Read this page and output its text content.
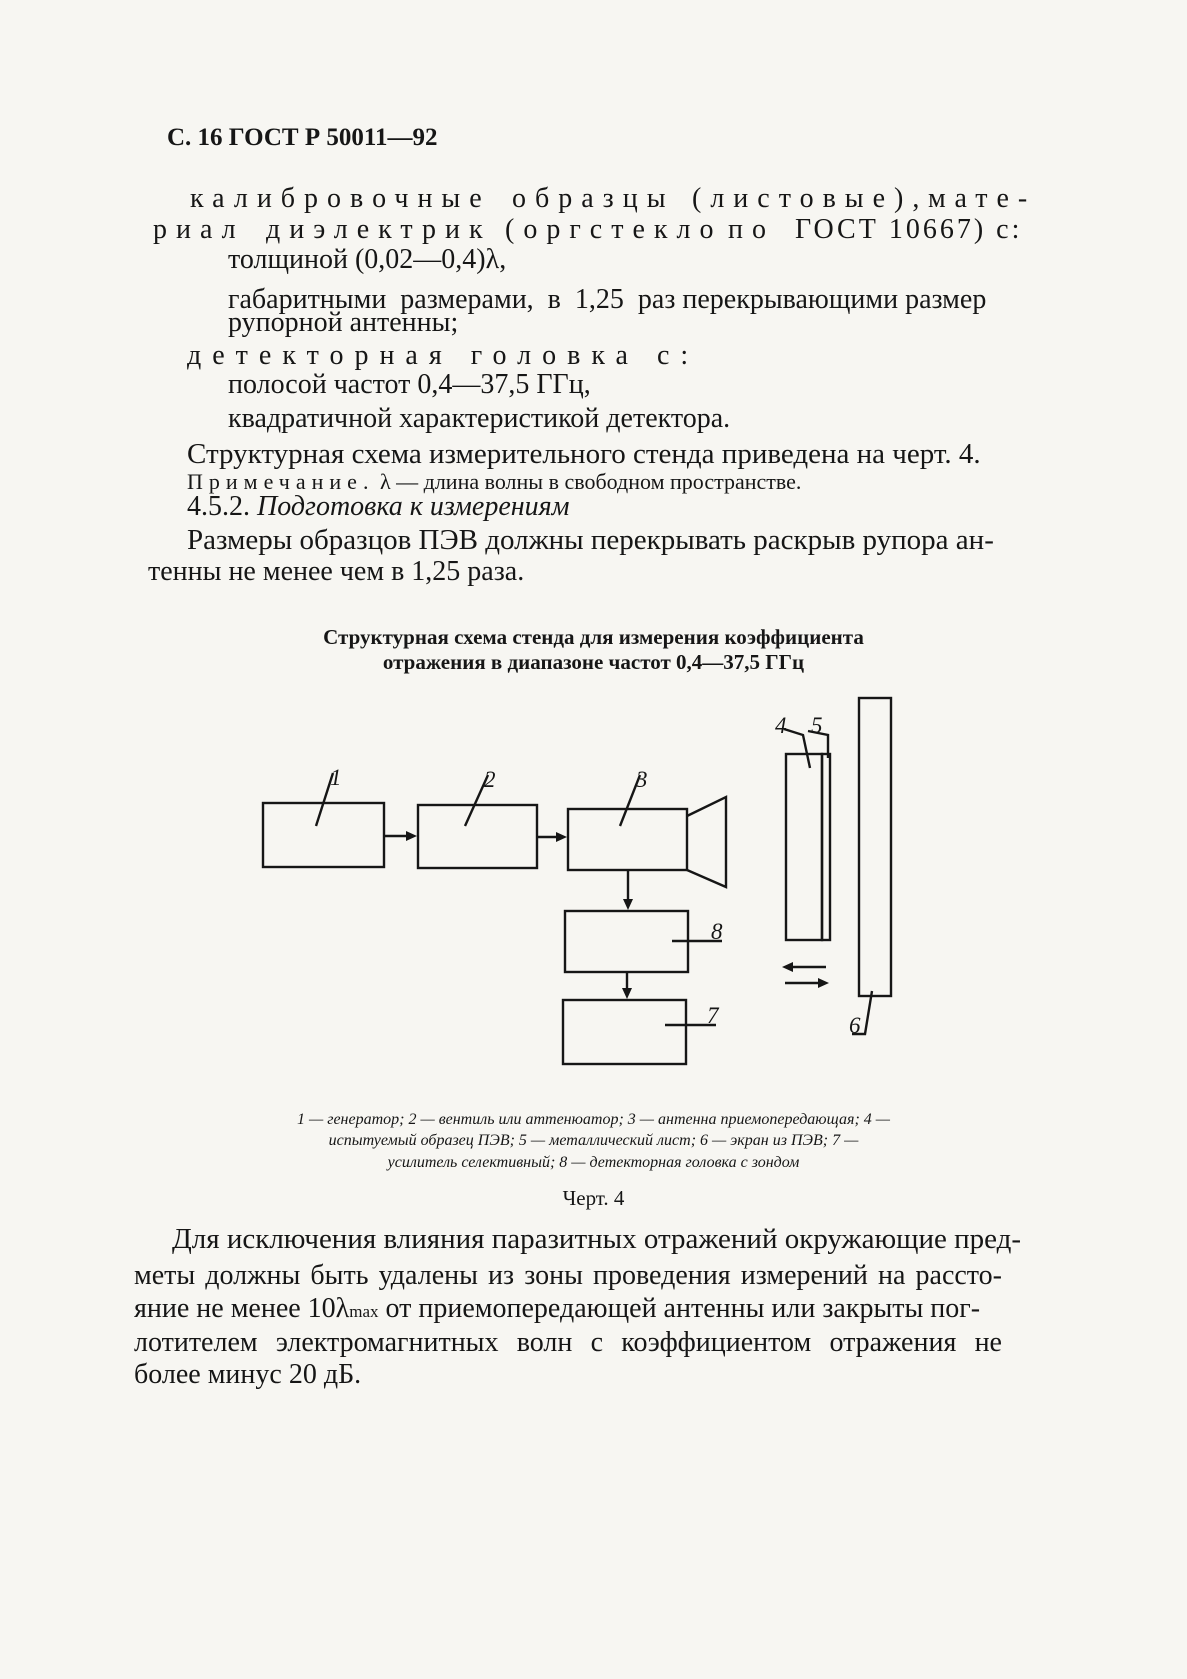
С. 16 ГОСТ Р 50011—92
калибровочные образцы (листовые), мате-
риал диэлектрик (оргстекло по ГОСТ 10667) с:
толщиной (0,02—0,4)λ,
габаритными  размерами,  в  1,25  раз перекрывающими размер
рупорной антенны;
детекторная головка с:
полосой частот 0,4—37,5 ГГц,
квадратичной характеристикой детектора.
Структурная схема измерительного стенда приведена на черт. 4.
Примечание. λ — длина волны в свободном пространстве.
4.5.2. Подготовка к измерениям
Размеры образцов ПЭВ должны перекрывать раскрыв рупора ан-
тенны не менее чем в 1,25 раза.
Структурная схема стенда для измерения коэффициента
отражения в диапазоне частот 0,4—37,5 ГГц
1	2	3
4 5
6
7
8
1 — генератор; 2 — вентиль или аттенюатор; 3 — антенна приемопередающая; 4 —
испытуемый образец ПЭВ; 5 — металлический лист; 6 — экран из ПЭВ; 7 —
усилитель селективный; 8 — детекторная головка с зондом
Черт. 4
Для исключения влияния паразитных отражений окружающие пред-
меты должны быть удалены из зоны проведения измерений на рассто-
яние не менее 10λmax от приемопередающей антенны или закрыты пог-
лотителем электромагнитных волн с коэффициентом отражения не
более минус 20 дБ.
